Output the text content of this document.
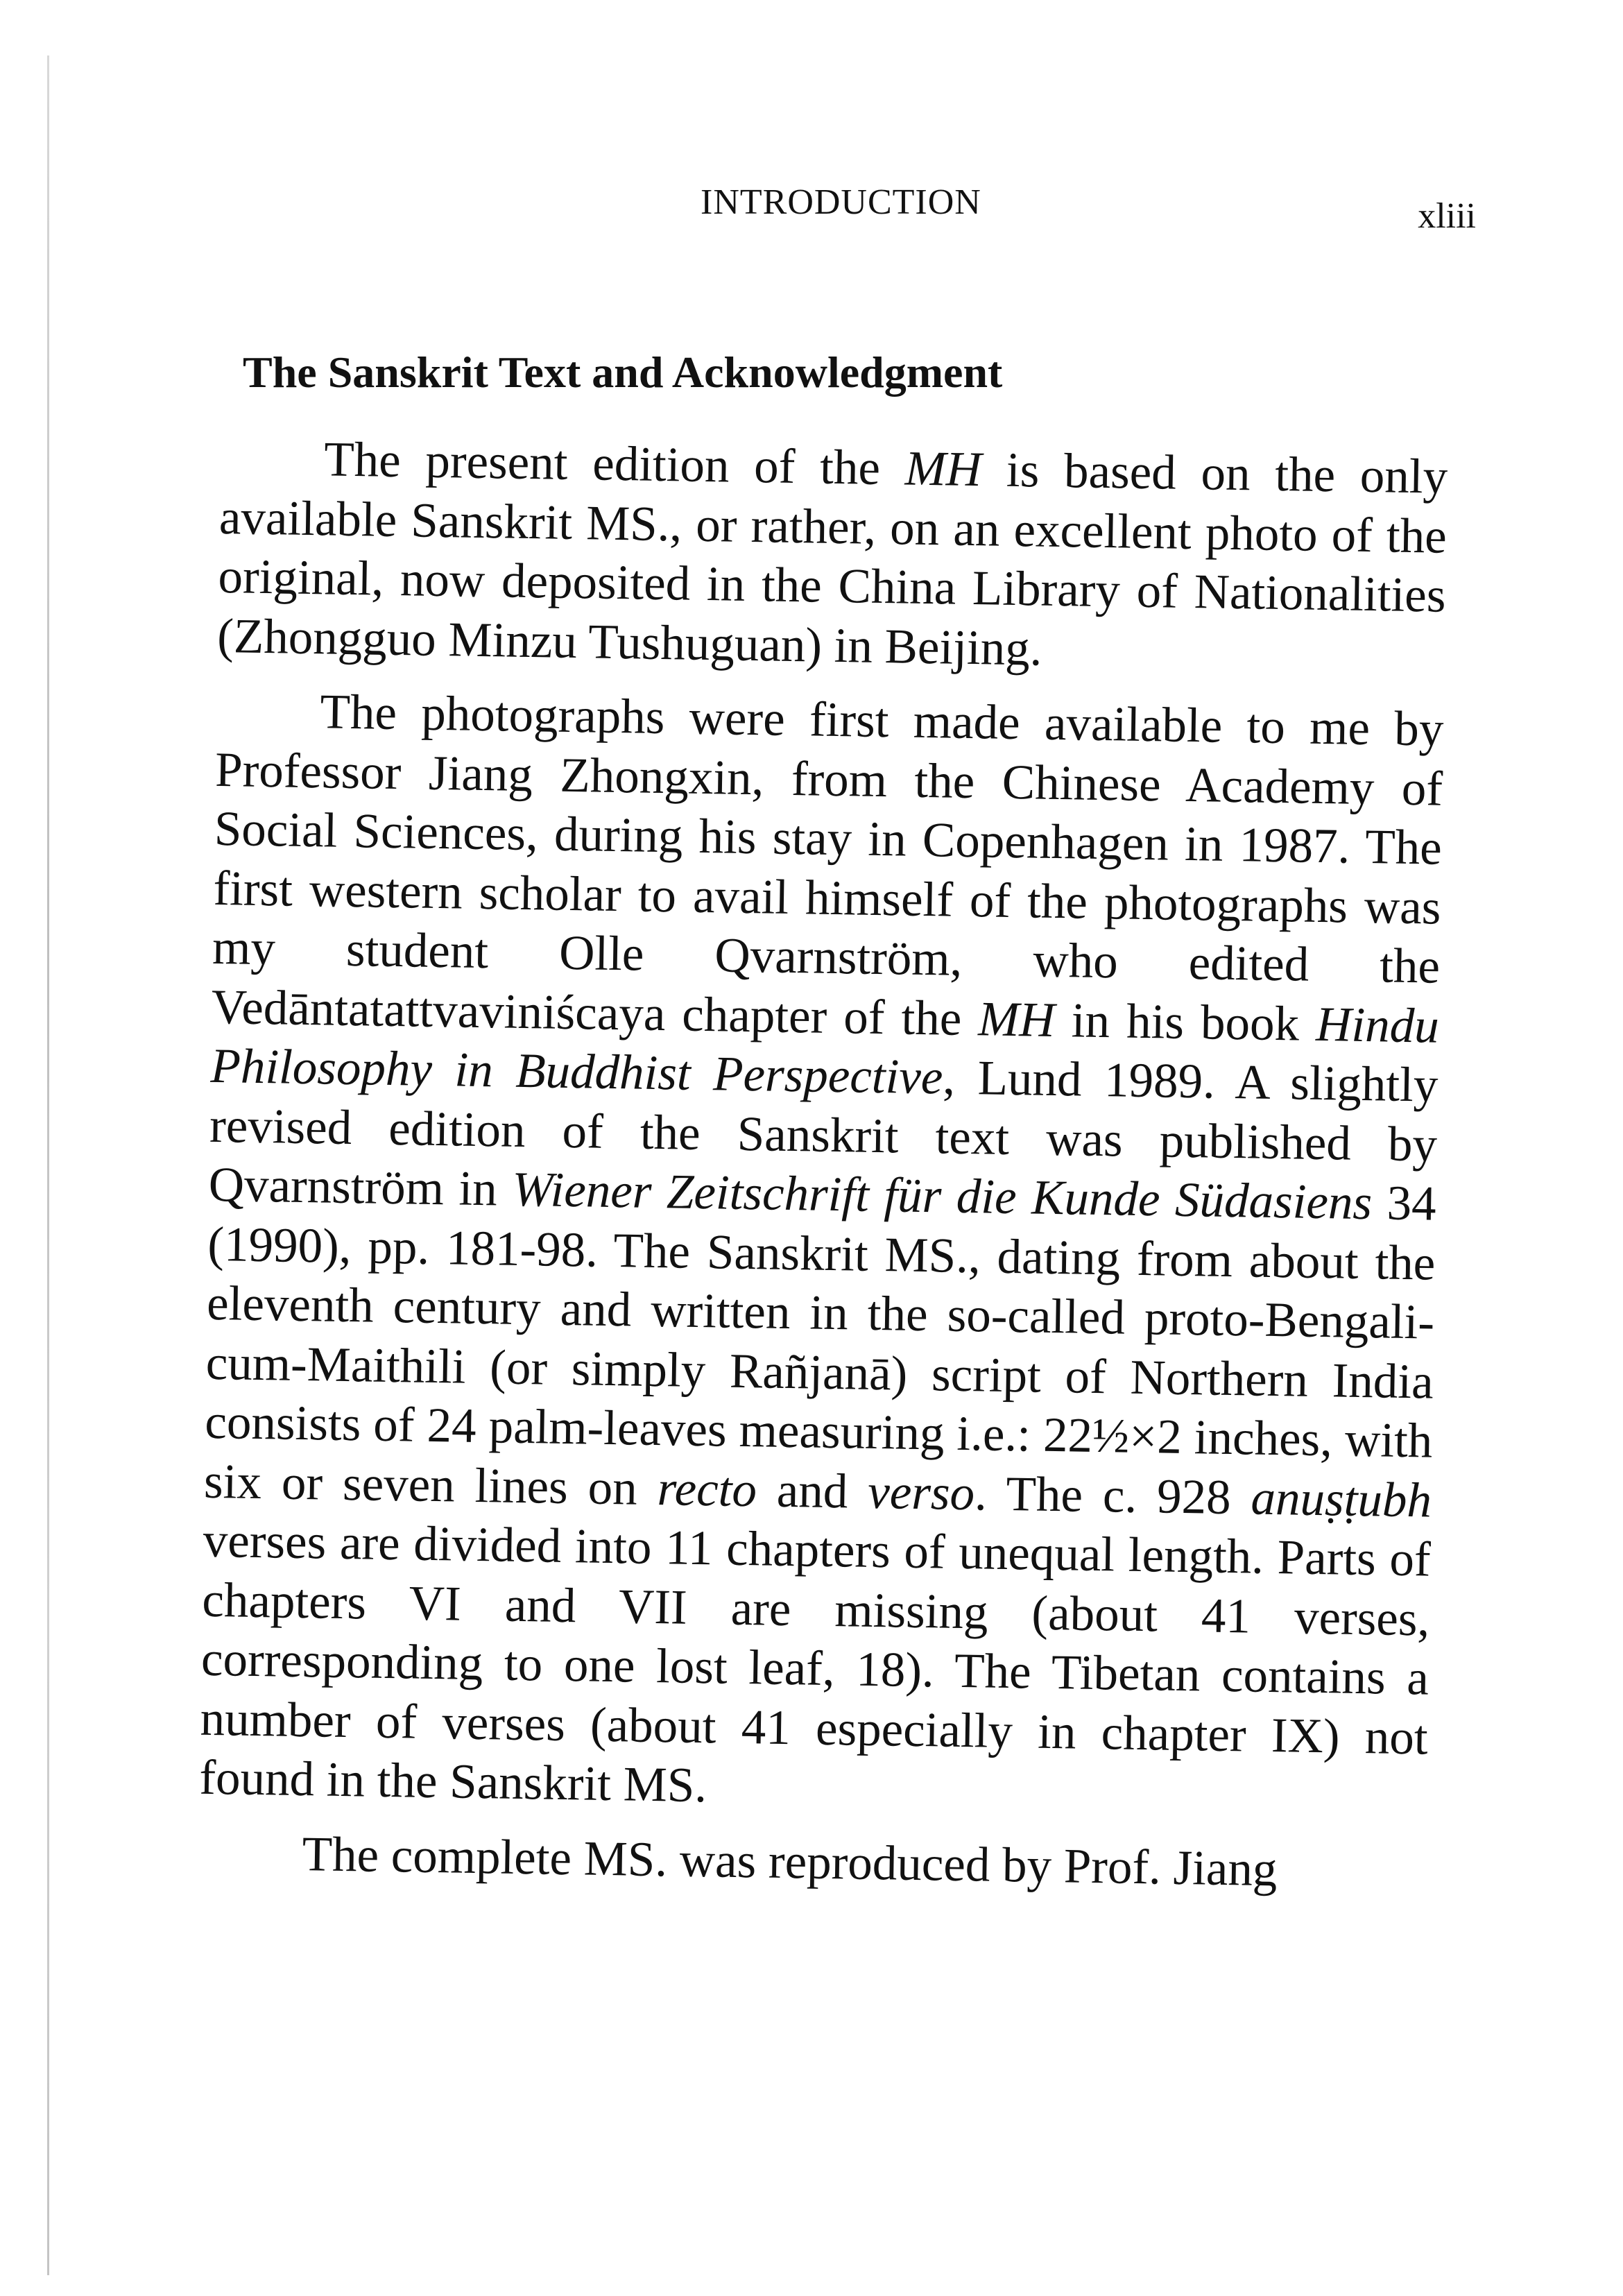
INTRODUCTION	xliii
The Sanskrit Text and Acknowledgment

The present edition of the MH is based on the only available Sanskrit MS., or rather, on an excellent photo of the original, now deposited in the China Library of Nationalities (Zhongguo Minzu Tushuguan) in Beijing.

The photographs were first made available to me by Professor Jiang Zhongxin, from the Chinese Academy of Social Sciences, during his stay in Copenhagen in 1987. The first western scholar to avail himself of the photographs was my student Olle Qvarnström, who edited the Vedāntatattvaviniścaya chapter of the MH in his book Hindu Philosophy in Buddhist Perspective, Lund 1989. A slightly revised edition of the Sanskrit text was published by Qvarnström in Wiener Zeitschrift für die Kunde Südasiens 34 (1990), pp. 181-98. The Sanskrit MS., dating from about the eleventh century and written in the so-called proto-Bengali-cum-Maithili (or simply Rañjanā) script of Northern India consists of 24 palm-leaves measuring i.e.: 22½×2 inches, with six or seven lines on recto and verso. The c. 928 anuṣṭubh verses are divided into 11 chapters of unequal length. Parts of chapters VI and VII are missing (about 41 verses, corresponding to one lost leaf, 18). The Tibetan contains a number of verses (about 41 especially in chapter IX) not found in the Sanskrit MS.

The complete MS. was reproduced by Prof. Jiang
